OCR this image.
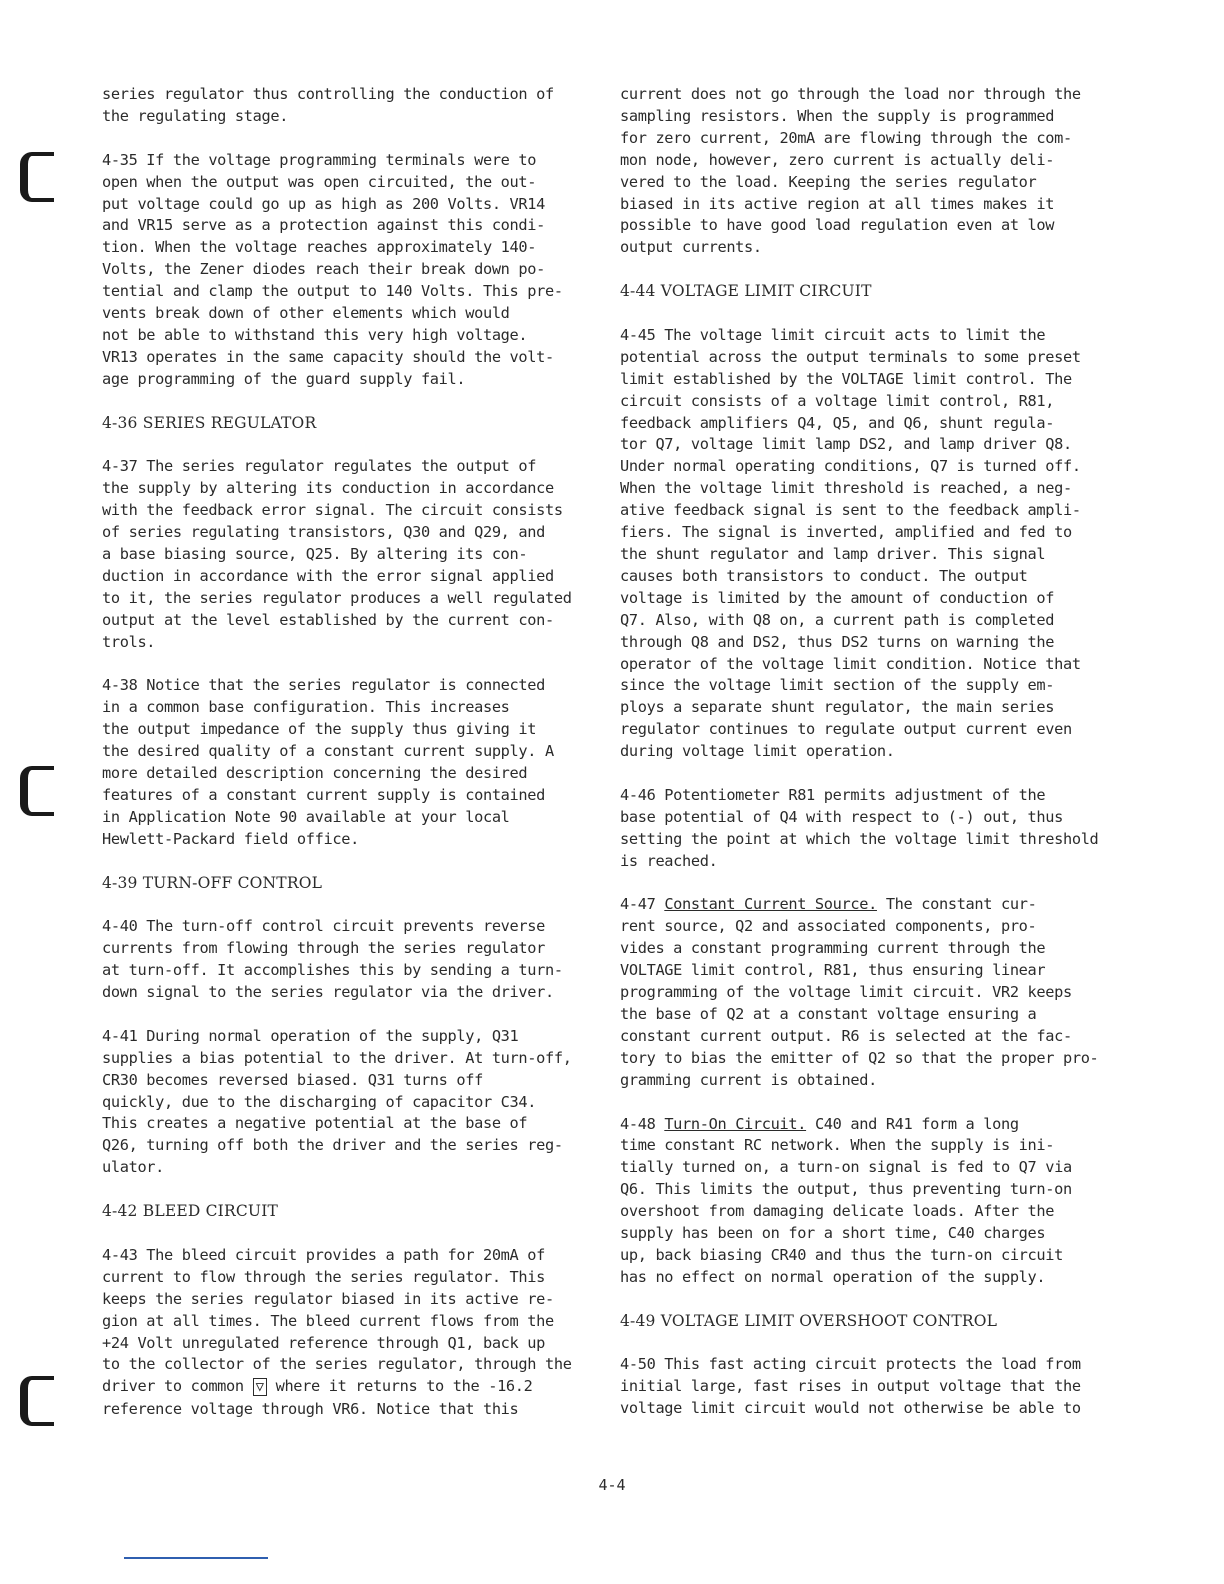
series regulator thus controlling the conduction of
the regulating stage.

4-35 If the voltage programming terminals were to
open when the output was open circuited, the out-
put voltage could go up as high as 200 Volts. VR14
and VR15 serve as a protection against this condi-
tion. When the voltage reaches approximately 140-
Volts, the Zener diodes reach their break down po-
tential and clamp the output to 140 Volts. This pre-
vents break down of other elements which would
not be able to withstand this very high voltage.
VR13 operates in the same capacity should the volt-
age programming of the guard supply fail.

4-36 SERIES REGULATOR

4-37 The series regulator regulates the output of
the supply by altering its conduction in accordance
with the feedback error signal. The circuit consists
of series regulating transistors, Q30 and Q29, and
a base biasing source, Q25. By altering its con-
duction in accordance with the error signal applied
to it, the series regulator produces a well regulated
output at the level established by the current con-
trols.

4-38 Notice that the series regulator is connected
in a common base configuration. This increases
the output impedance of the supply thus giving it
the desired quality of a constant current supply. A
more detailed description concerning the desired
features of a constant current supply is contained
in Application Note 90 available at your local
Hewlett-Packard field office.

4-39 TURN-OFF CONTROL

4-40 The turn-off control circuit prevents reverse
currents from flowing through the series regulator
at turn-off. It accomplishes this by sending a turn-
down signal to the series regulator via the driver.

4-41 During normal operation of the supply, Q31
supplies a bias potential to the driver. At turn-off,
CR30 becomes reversed biased. Q31 turns off
quickly, due to the discharging of capacitor C34.
This creates a negative potential at the base of
Q26, turning off both the driver and the series reg-
ulator.

4-42 BLEED CIRCUIT

4-43 The bleed circuit provides a path for 20mA of
current to flow through the series regulator. This
keeps the series regulator biased in its active re-
gion at all times. The bleed current flows from the
+24 Volt unregulated reference through Q1, back up
to the collector of the series regulator, through the
driver to common ▽ where it returns to the -16.2
reference voltage through VR6. Notice that this

current does not go through the load nor through the
sampling resistors. When the supply is programmed
for zero current, 20mA are flowing through the com-
mon node, however, zero current is actually deli-
vered to the load. Keeping the series regulator
biased in its active region at all times makes it
possible to have good load regulation even at low
output currents.

4-44 VOLTAGE LIMIT CIRCUIT

4-45 The voltage limit circuit acts to limit the
potential across the output terminals to some preset
limit established by the VOLTAGE limit control. The
circuit consists of a voltage limit control, R81,
feedback amplifiers Q4, Q5, and Q6, shunt regula-
tor Q7, voltage limit lamp DS2, and lamp driver Q8.
Under normal operating conditions, Q7 is turned off.
When the voltage limit threshold is reached, a neg-
ative feedback signal is sent to the feedback ampli-
fiers. The signal is inverted, amplified and fed to
the shunt regulator and lamp driver. This signal
causes both transistors to conduct. The output
voltage is limited by the amount of conduction of
Q7. Also, with Q8 on, a current path is completed
through Q8 and DS2, thus DS2 turns on warning the
operator of the voltage limit condition. Notice that
since the voltage limit section of the supply em-
ploys a separate shunt regulator, the main series
regulator continues to regulate output current even
during voltage limit operation.

4-46 Potentiometer R81 permits adjustment of the
base potential of Q4 with respect to (-) out, thus
setting the point at which the voltage limit threshold
is reached.

4-47 Constant Current Source. The constant cur-
rent source, Q2 and associated components, pro-
vides a constant programming current through the
VOLTAGE limit control, R81, thus ensuring linear
programming of the voltage limit circuit. VR2 keeps
the base of Q2 at a constant voltage ensuring a
constant current output. R6 is selected at the fac-
tory to bias the emitter of Q2 so that the proper pro-
gramming current is obtained.

4-48 Turn-On Circuit. C40 and R41 form a long
time constant RC network. When the supply is ini-
tially turned on, a turn-on signal is fed to Q7 via
Q6. This limits the output, thus preventing turn-on
overshoot from damaging delicate loads. After the
supply has been on for a short time, C40 charges
up, back biasing CR40 and thus the turn-on circuit
has no effect on normal operation of the supply.

4-49 VOLTAGE LIMIT OVERSHOOT CONTROL

4-50 This fast acting circuit protects the load from
initial large, fast rises in output voltage that the
voltage limit circuit would not otherwise be able to

4-4
